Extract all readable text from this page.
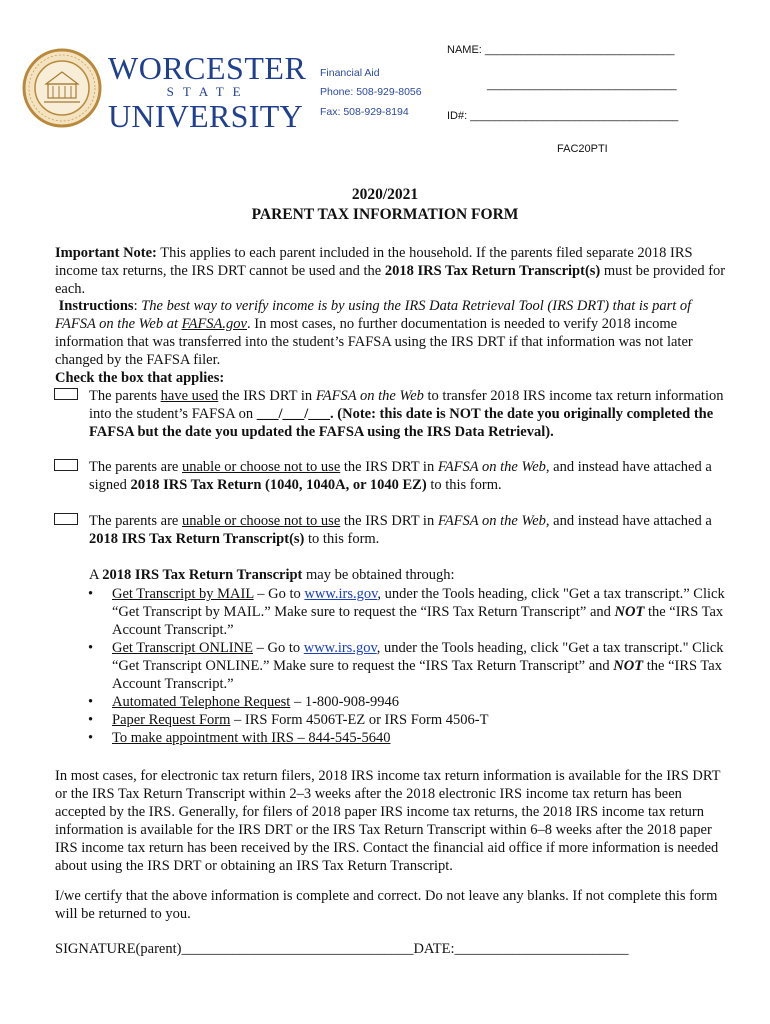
WORCESTER
STATE
UNIVERSITY
Financial Aid
Phone: 508-929-8056
Fax: 508-929-8194
NAME: _______________________________
_______________________________
ID#: __________________________________
FAC20PTI
2020/2021
PARENT TAX INFORMATION FORM
Important Note: This applies to each parent included in the household. If the parents filed separate 2018 IRS income tax returns, the IRS DRT cannot be used and the 2018 IRS Tax Return Transcript(s) must be provided for each.
Instructions: The best way to verify income is by using the IRS Data Retrieval Tool (IRS DRT) that is part of FAFSA on the Web at FAFSA.gov. In most cases, no further documentation is needed to verify 2018 income information that was transferred into the student’s FAFSA using the IRS DRT if that information was not later changed by the FAFSA filer.
Check the box that applies:
The parents have used the IRS DRT in FAFSA on the Web to transfer 2018 IRS income tax return information into the student’s FAFSA on ___/___/___. (Note: this date is NOT the date you originally completed the FAFSA but the date you updated the FAFSA using the IRS Data Retrieval).
The parents are unable or choose not to use the IRS DRT in FAFSA on the Web, and instead have attached a signed 2018 IRS Tax Return (1040, 1040A, or 1040 EZ) to this form.
The parents are unable or choose not to use the IRS DRT in FAFSA on the Web, and instead have attached a 2018 IRS Tax Return Transcript(s) to this form.
A 2018 IRS Tax Return Transcript may be obtained through:
• Get Transcript by MAIL – Go to www.irs.gov, under the Tools heading, click "Get a tax transcript.” Click “Get Transcript by MAIL.” Make sure to request the “IRS Tax Return Transcript” and NOT the “IRS Tax Account Transcript.”
• Get Transcript ONLINE – Go to www.irs.gov, under the Tools heading, click "Get a tax transcript." Click “Get Transcript ONLINE.” Make sure to request the “IRS Tax Return Transcript” and NOT the “IRS Tax Account Transcript.”
• Automated Telephone Request – 1-800-908-9946
• Paper Request Form – IRS Form 4506T-EZ or IRS Form 4506-T
• To make appointment with IRS – 844-545-5640
In most cases, for electronic tax return filers, 2018 IRS income tax return information is available for the IRS DRT or the IRS Tax Return Transcript within 2–3 weeks after the 2018 electronic IRS income tax return has been accepted by the IRS. Generally, for filers of 2018 paper IRS income tax returns, the 2018 IRS income tax return information is available for the IRS DRT or the IRS Tax Return Transcript within 6–8 weeks after the 2018 paper IRS income tax return has been received by the IRS. Contact the financial aid office if more information is needed about using the IRS DRT or obtaining an IRS Tax Return Transcript.
I/we certify that the above information is complete and correct. Do not leave any blanks. If not complete this form will be returned to you.
SIGNATURE(parent)________________________________DATE:________________________
